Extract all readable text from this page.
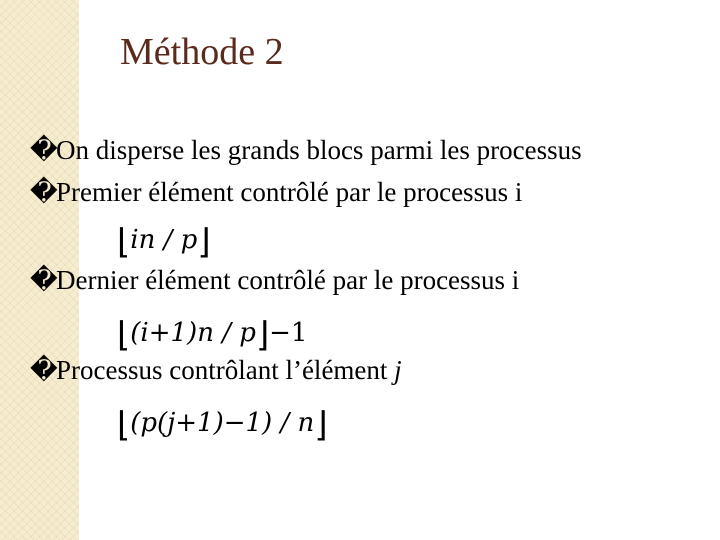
Méthode 2
�On disperse les grands blocs parmi les processus
�Premier élément contrôlé par le processus i
⌊in / p⌋
�Dernier élément contrôlé par le processus i
⌊(i+1)n / p⌋−1
�Processus contrôlant l’élément j
⌊(p(j+1)−1) / n⌋
